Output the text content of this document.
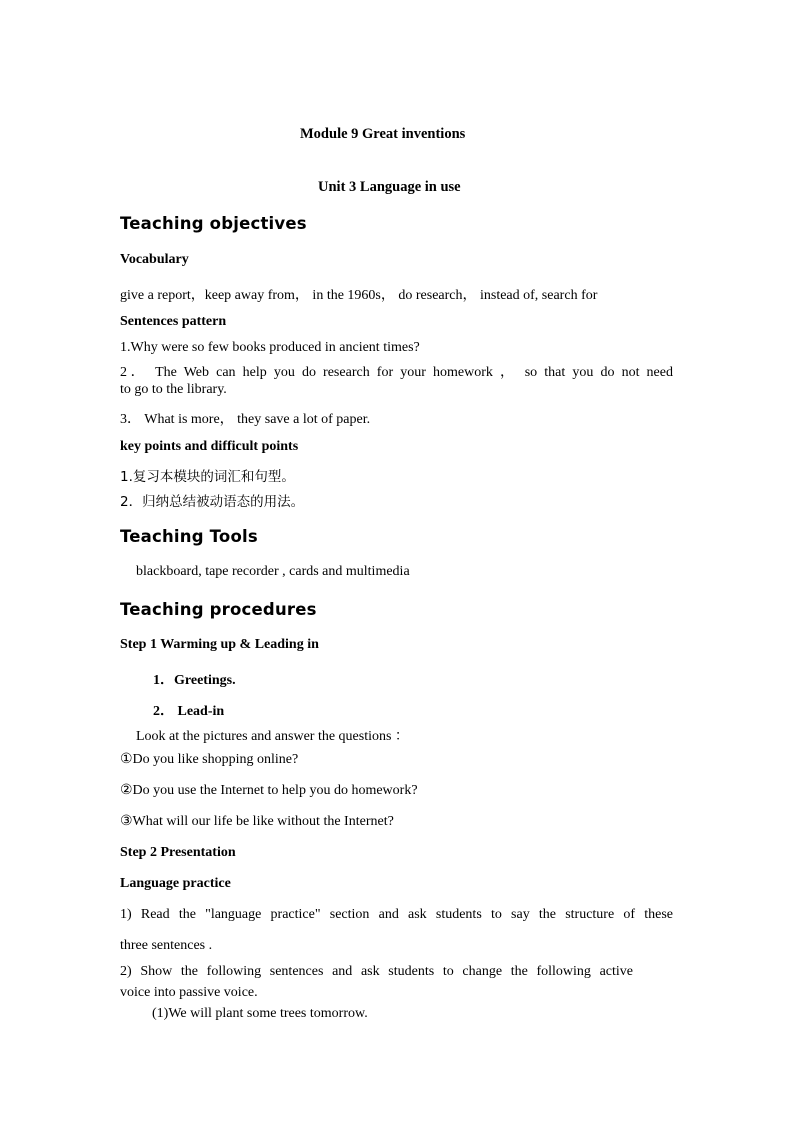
Module 9 Great inventions
Unit 3 Language in use
Teaching objectives
Vocabulary
give a report，keep away from， in the 1960s， do research， instead of, search for
Sentences pattern
1.Why were so few books produced in ancient times?
2． The Web can help you do research for your homework ， so that you do not need
to go to the library.
3． What is more， they save a lot of paper.
key points and difficult points
1.复习本模块的词汇和句型。
2．归纳总结被动语态的用法。
Teaching Tools
blackboard, tape recorder , cards and multimedia
Teaching procedures
Step 1 Warming up & Leading in
1．Greetings.
2． Lead-in
Look at the pictures and answer the questions ：
①Do you like shopping online?
②Do you use the Internet to help you do homework?
③What will our life be like without the Internet?
Step 2 Presentation
Language practice
1) Read the "language practice" section and ask students to say the structure of these
three sentences .
2) Show the following sentences and ask students to change the following active
voice into passive voice.
(1)We will plant some trees tomorrow.
